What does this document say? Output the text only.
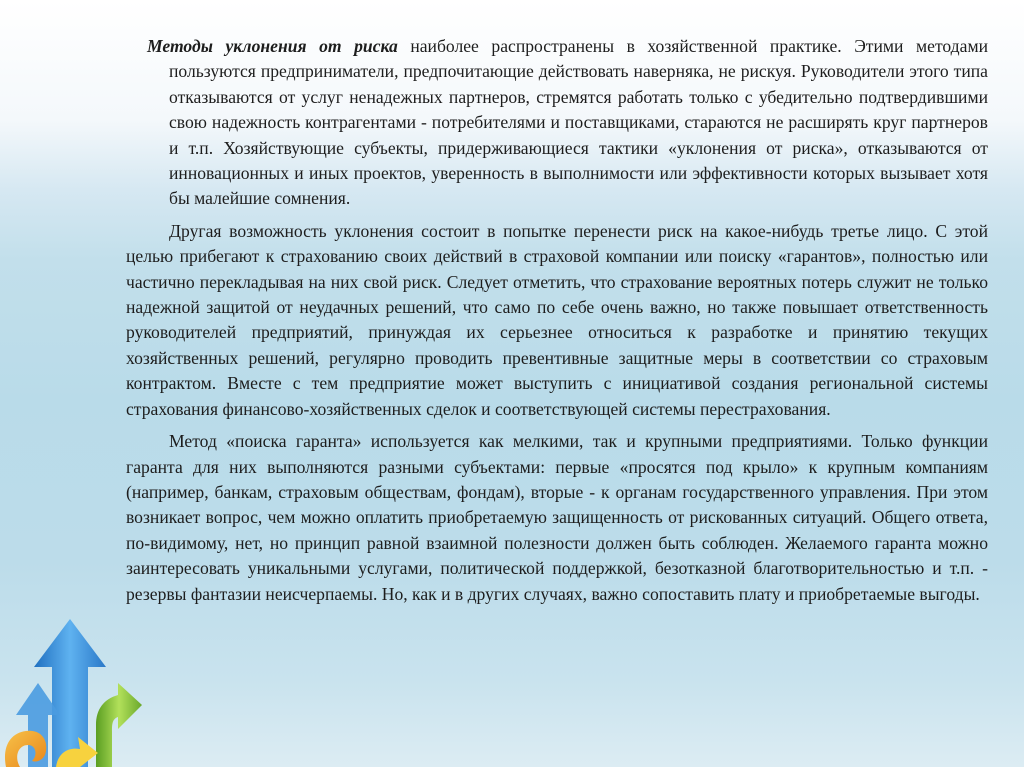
Методы уклонения от риска наиболее распространены в хозяйственной практике. Этими методами пользуются предприниматели, предпочитающие действовать наверняка, не рискуя. Руководители этого типа отказываются от услуг ненадежных партнеров, стремятся работать только с убедительно подтвердившими свою надежность контрагентами - потребителями и поставщиками, стараются не расширять круг партнеров и т.п. Хозяйствующие субъекты, придерживающиеся тактики «уклонения от риска», отказываются от инновационных и иных проектов, уверенность в выполнимости или эффективности которых вызывает хотя бы малейшие сомнения.

Другая возможность уклонения состоит в попытке перенести риск на какое-нибудь третье лицо. С этой целью прибегают к страхованию своих действий в страховой компании или поиску «гарантов», полностью или частично перекладывая на них свой риск. Следует отметить, что страхование вероятных потерь служит не только надежной защитой от неудачных решений, что само по себе очень важно, но также повышает ответственность руководителей предприятий, принуждая их серьезнее относиться к разработке и принятию текущих хозяйственных решений, регулярно проводить превентивные защитные меры в соответствии со страховым контрактом. Вместе с тем предприятие может выступить с инициативой создания региональной системы страхования финансово-хозяйственных сделок и соответствующей системы перестрахования.

Метод «поиска гаранта» используется как мелкими, так и крупными предприятиями. Только функции гаранта для них выполняются разными субъектами: первые «просятся под крыло» к крупным компаниям (например, банкам, страховым обществам, фондам), вторые - к органам государственного управления. При этом возникает вопрос, чем можно оплатить приобретаемую защищенность от рискованных ситуаций. Общего ответа, по-видимому, нет, но принцип равной взаимной полезности должен быть соблюден. Желаемого гаранта можно заинтересовать уникальными услугами, политической поддержкой, безотказной благотворительностью и т.п. - резервы фантазии неисчерпаемы. Но, как и в других случаях, важно сопоставить плату и приобретаемые выгоды.
